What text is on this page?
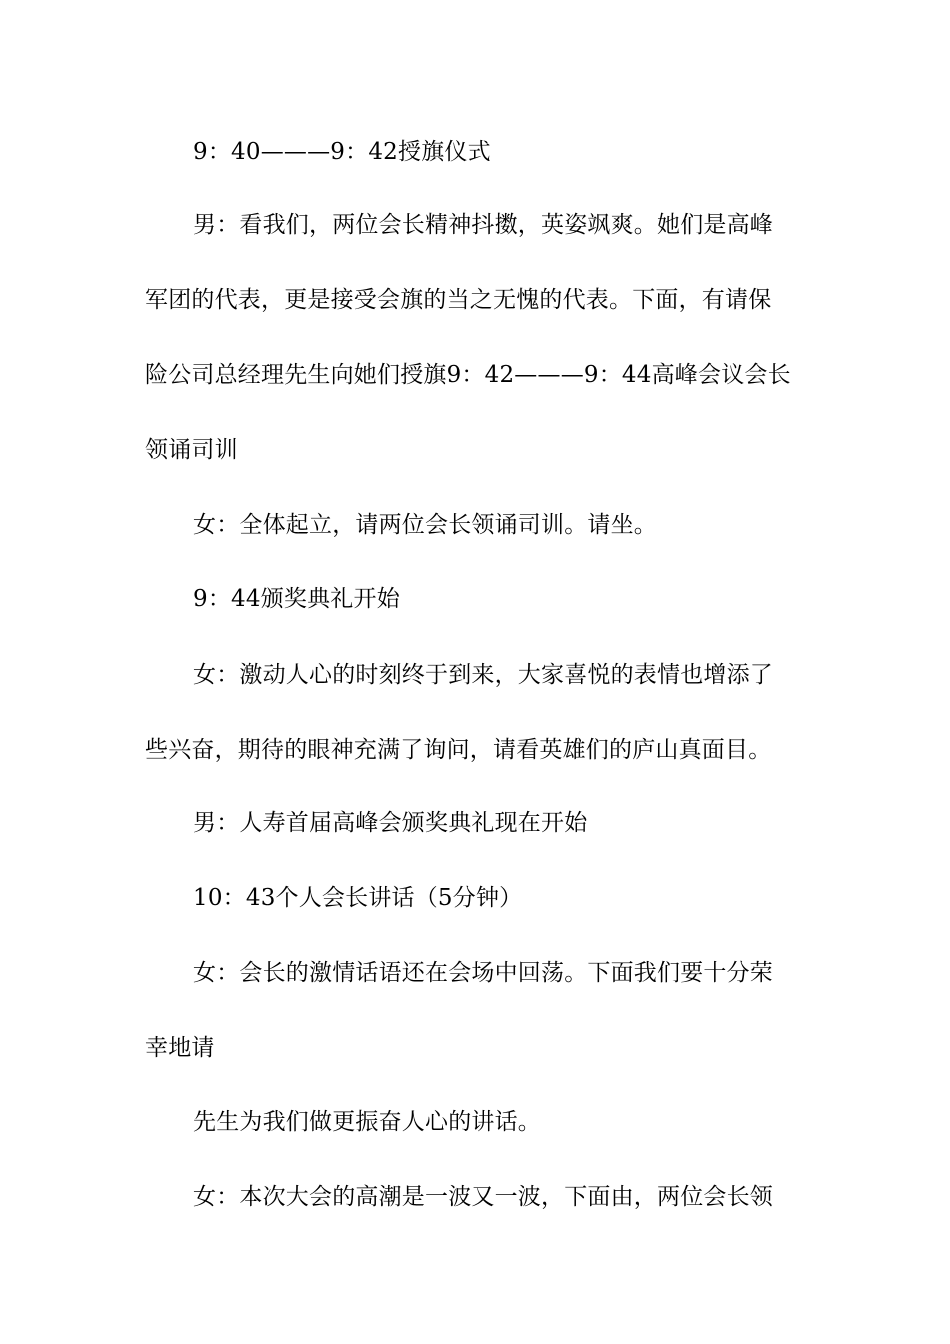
9：40———9：42授旗仪式
男：看我们，两位会长精神抖擞，英姿飒爽。她们是高峰
军团的代表，更是接受会旗的当之无愧的代表。下面，有请保
险公司总经理先生向她们授旗9：42———9：44高峰会议会长
领诵司训
女：全体起立，请两位会长领诵司训。请坐。
9：44颁奖典礼开始
女：激动人心的时刻终于到来，大家喜悦的表情也增添了
些兴奋，期待的眼神充满了询问，请看英雄们的庐山真面目。
男：人寿首届高峰会颁奖典礼现在开始
10：43个人会长讲话（5分钟）
女：会长的激情话语还在会场中回荡。下面我们要十分荣
幸地请
先生为我们做更振奋人心的讲话。
女：本次大会的高潮是一波又一波，下面由，两位会长领
